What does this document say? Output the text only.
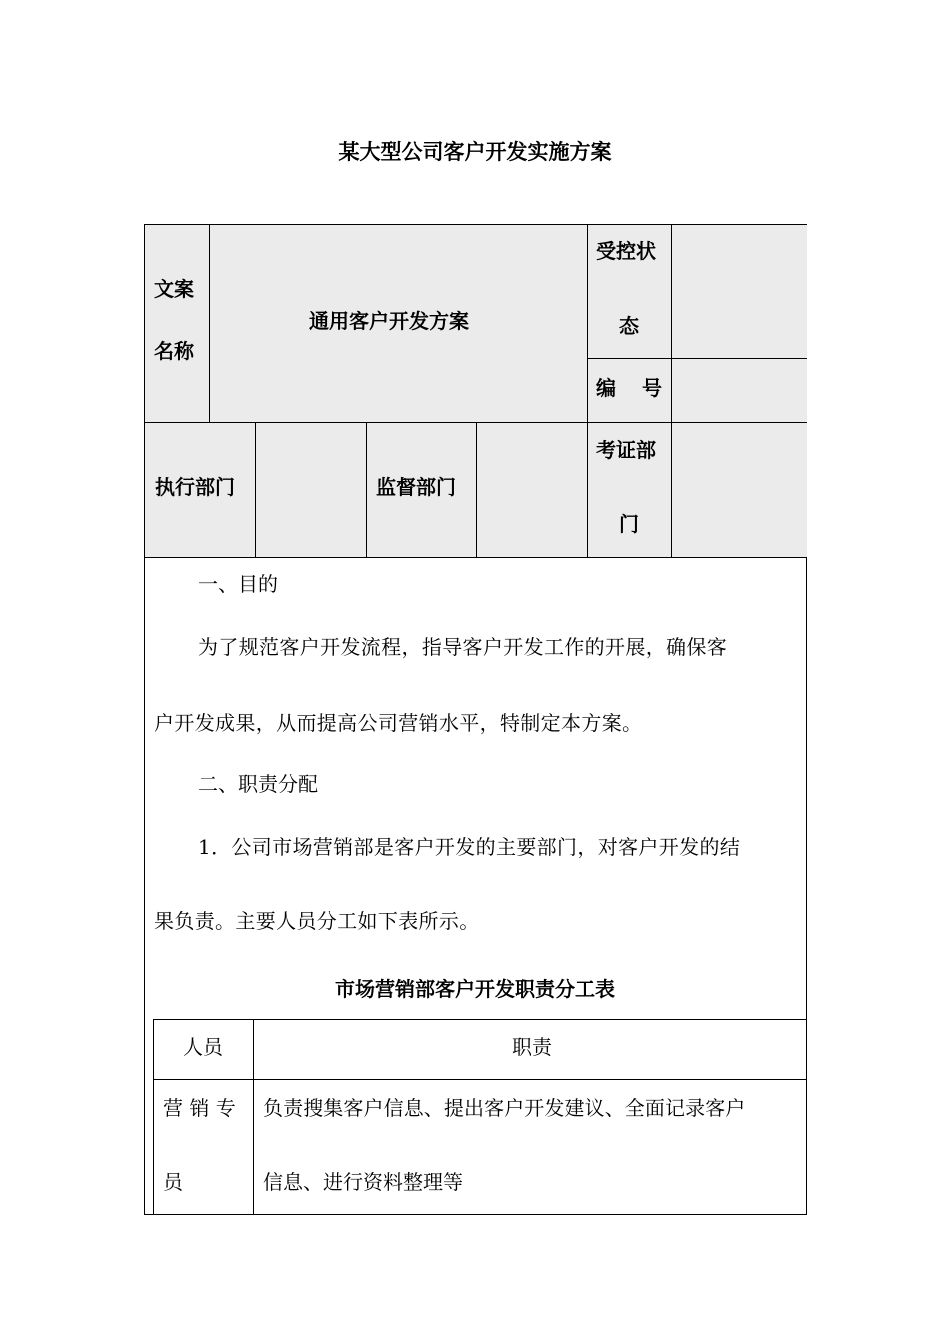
某大型公司客户开发实施方案
文案
名称
通用客户开发方案
受控状
态
编 号
执行部门	监督部门
考证部
门
一、目的
为了规范客户开发流程，指导客户开发工作的开展，确保客
户开发成果，从而提高公司营销水平，特制定本方案。
二、职责分配
1．公司市场营销部是客户开发的主要部门，对客户开发的结
果负责。主要人员分工如下表所示。
市场营销部客户开发职责分工表
人员	职责
营 销 专
员
负责搜集客户信息、提出客户开发建议、全面记录客户
信息、进行资料整理等
